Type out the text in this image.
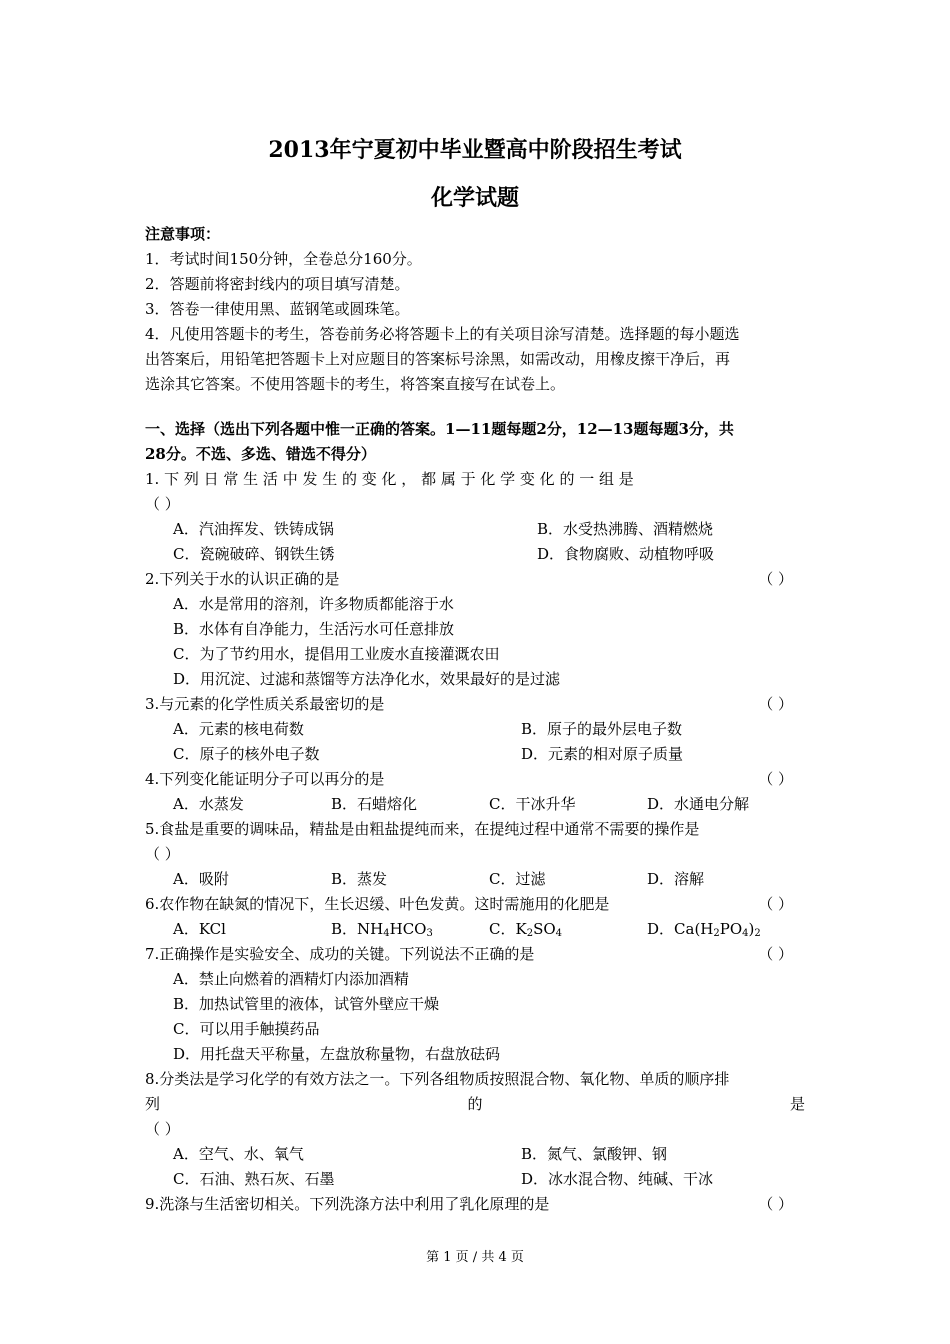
2013年宁夏初中毕业暨高中阶段招生考试
化学试题
注意事项：
1．考试时间150分钟，全卷总分160分。
2．答题前将密封线内的项目填写清楚。
3．答卷一律使用黑、蓝钢笔或圆珠笔。
4．凡使用答题卡的考生，答卷前务必将答题卡上的有关项目涂写清楚。选择题的每小题选
出答案后，用铅笔把答题卡上对应题目的答案标号涂黑，如需改动，用橡皮擦干净后，再
选涂其它答案。不使用答题卡的考生，将答案直接写在试卷上。
一、选择（选出下列各题中惟一正确的答案。1—11题每题2分，12—13题每题3分，共
28分。不选、多选、错选不得分）
1. 下 列 日 常 生 活 中 发 生 的 变 化 ， 都 属 于 化 学 变 化 的 一 组 是
（ ）
A．汽油挥发、铁铸成锅	B．水受热沸腾、酒精燃烧
C．瓷碗破碎、钢铁生锈	D．食物腐败、动植物呼吸
2.下列关于水的认识正确的是	（ ）
A．水是常用的溶剂，许多物质都能溶于水
B．水体有自净能力，生活污水可任意排放
C．为了节约用水，提倡用工业废水直接灌溉农田
D．用沉淀、过滤和蒸馏等方法净化水，效果最好的是过滤
3.与元素的化学性质关系最密切的是	（ ）
A．元素的核电荷数	B．原子的最外层电子数
C．原子的核外电子数	D．元素的相对原子质量
4.下列变化能证明分子可以再分的是	（ ）
A．水蒸发	B．石蜡熔化	C．干冰升华	D．水通电分解
5.食盐是重要的调味品，精盐是由粗盐提纯而来，在提纯过程中通常不需要的操作是
（ ）
A．吸附	B．蒸发	C．过滤	D．溶解
6.农作物在缺氮的情况下，生长迟缓、叶色发黄。这时需施用的化肥是	（ ）
A．KCl	B．$NH_4HCO_3$	C．$K_2SO_4$	D．$Ca(H_2PO_4)_2$
7.正确操作是实验安全、成功的关键。下列说法不正确的是	（ ）
A．禁止向燃着的酒精灯内添加酒精
B．加热试管里的液体，试管外壁应干燥
C．可以用手触摸药品
D．用托盘天平称量，左盘放称量物，右盘放砝码
8.分类法是学习化学的有效方法之一。下列各组物质按照混合物、氧化物、单质的顺序排
列	的	是
（ ）
A．空气、水、氧气	B．氮气、氯酸钾、钢
C．石油、熟石灰、石墨	D．冰水混合物、纯碱、干冰
9.洗涤与生活密切相关。下列洗涤方法中利用了乳化原理的是	（ ）
第 1 页 / 共 4 页
